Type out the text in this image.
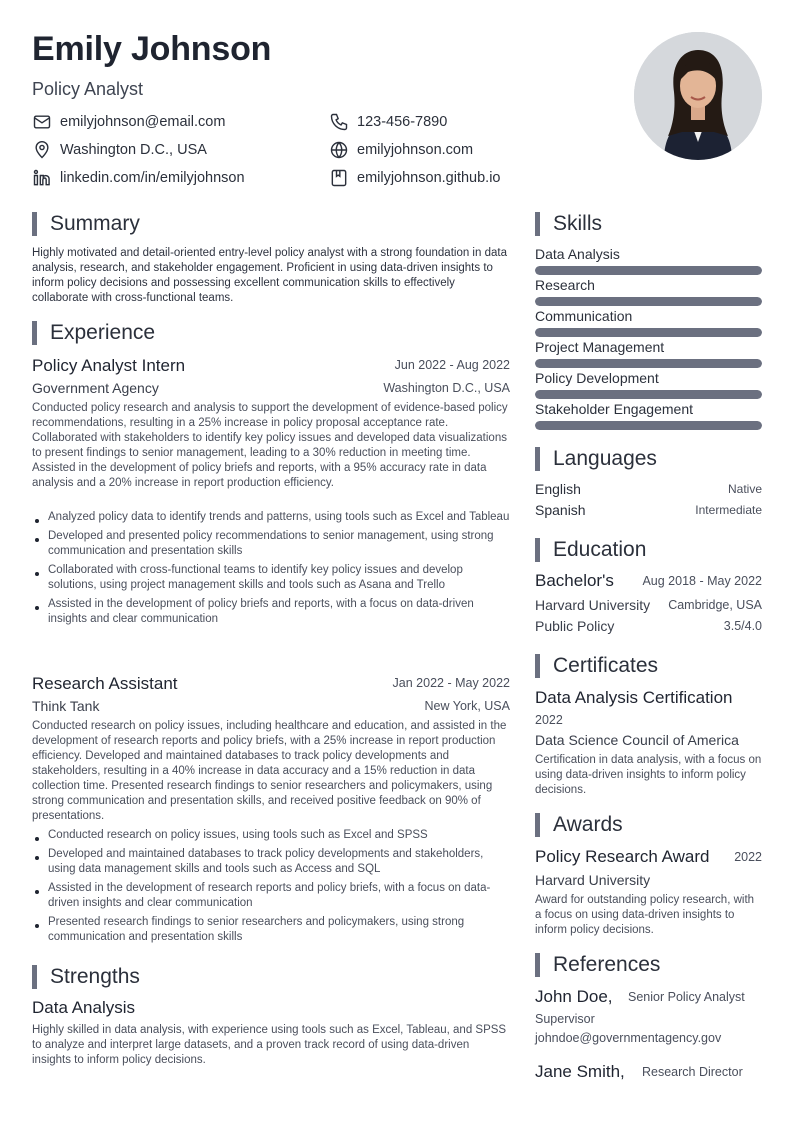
Emily Johnson
Policy Analyst
emilyjohnson@email.com
Washington D.C., USA
linkedin.com/in/emilyjohnson
123-456-7890
emilyjohnson.com
emilyjohnson.github.io
Summary
Highly motivated and detail-oriented entry-level policy analyst with a strong foundation in data analysis, research, and stakeholder engagement. Proficient in using data-driven insights to inform policy decisions and possessing excellent communication skills to effectively collaborate with cross-functional teams.
Experience
Policy Analyst Intern	Jun 2022 - Aug 2022
Government Agency	Washington D.C., USA
Conducted policy research and analysis to support the development of evidence-based policy recommendations, resulting in a 25% increase in policy proposal acceptance rate. Collaborated with stakeholders to identify key policy issues and developed data visualizations to present findings to senior management, leading to a 30% reduction in meeting time. Assisted in the development of policy briefs and reports, with a 95% accuracy rate in data analysis and a 20% increase in report production efficiency.
Analyzed policy data to identify trends and patterns, using tools such as Excel and Tableau
Developed and presented policy recommendations to senior management, using strong communication and presentation skills
Collaborated with cross-functional teams to identify key policy issues and develop solutions, using project management skills and tools such as Asana and Trello
Assisted in the development of policy briefs and reports, with a focus on data-driven insights and clear communication
Research Assistant	Jan 2022 - May 2022
Think Tank	New York, USA
Conducted research on policy issues, including healthcare and education, and assisted in the development of research reports and policy briefs, with a 25% increase in report production efficiency. Developed and maintained databases to track policy developments and stakeholders, resulting in a 40% increase in data accuracy and a 15% reduction in data collection time. Presented research findings to senior researchers and policymakers, using strong communication and presentation skills, and received positive feedback on 90% of presentations.
Conducted research on policy issues, using tools such as Excel and SPSS
Developed and maintained databases to track policy developments and stakeholders, using data management skills and tools such as Access and SQL
Assisted in the development of research reports and policy briefs, with a focus on data-driven insights and clear communication
Presented research findings to senior researchers and policymakers, using strong communication and presentation skills
Strengths
Data Analysis
Highly skilled in data analysis, with experience using tools such as Excel, Tableau, and SPSS to analyze and interpret large datasets, and a proven track record of using data-driven insights to inform policy decisions.
Skills
Data Analysis
Research
Communication
Project Management
Policy Development
Stakeholder Engagement
Languages
English	Native
Spanish	Intermediate
Education
Bachelor's Aug 2018 - May 2022
Harvard University Cambridge, USA
Public Policy	3.5/4.0
Certificates
Data Analysis Certification
2022
Data Science Council of America
Certification in data analysis, with a focus on using data-driven insights to inform policy decisions.
Awards
Policy Research Award 2022
Harvard University
Award for outstanding policy research, with a focus on using data-driven insights to inform policy decisions.
References
John Doe, Senior Policy Analyst
Supervisor
johndoe@governmentagency.gov
Jane Smith, Research Director
